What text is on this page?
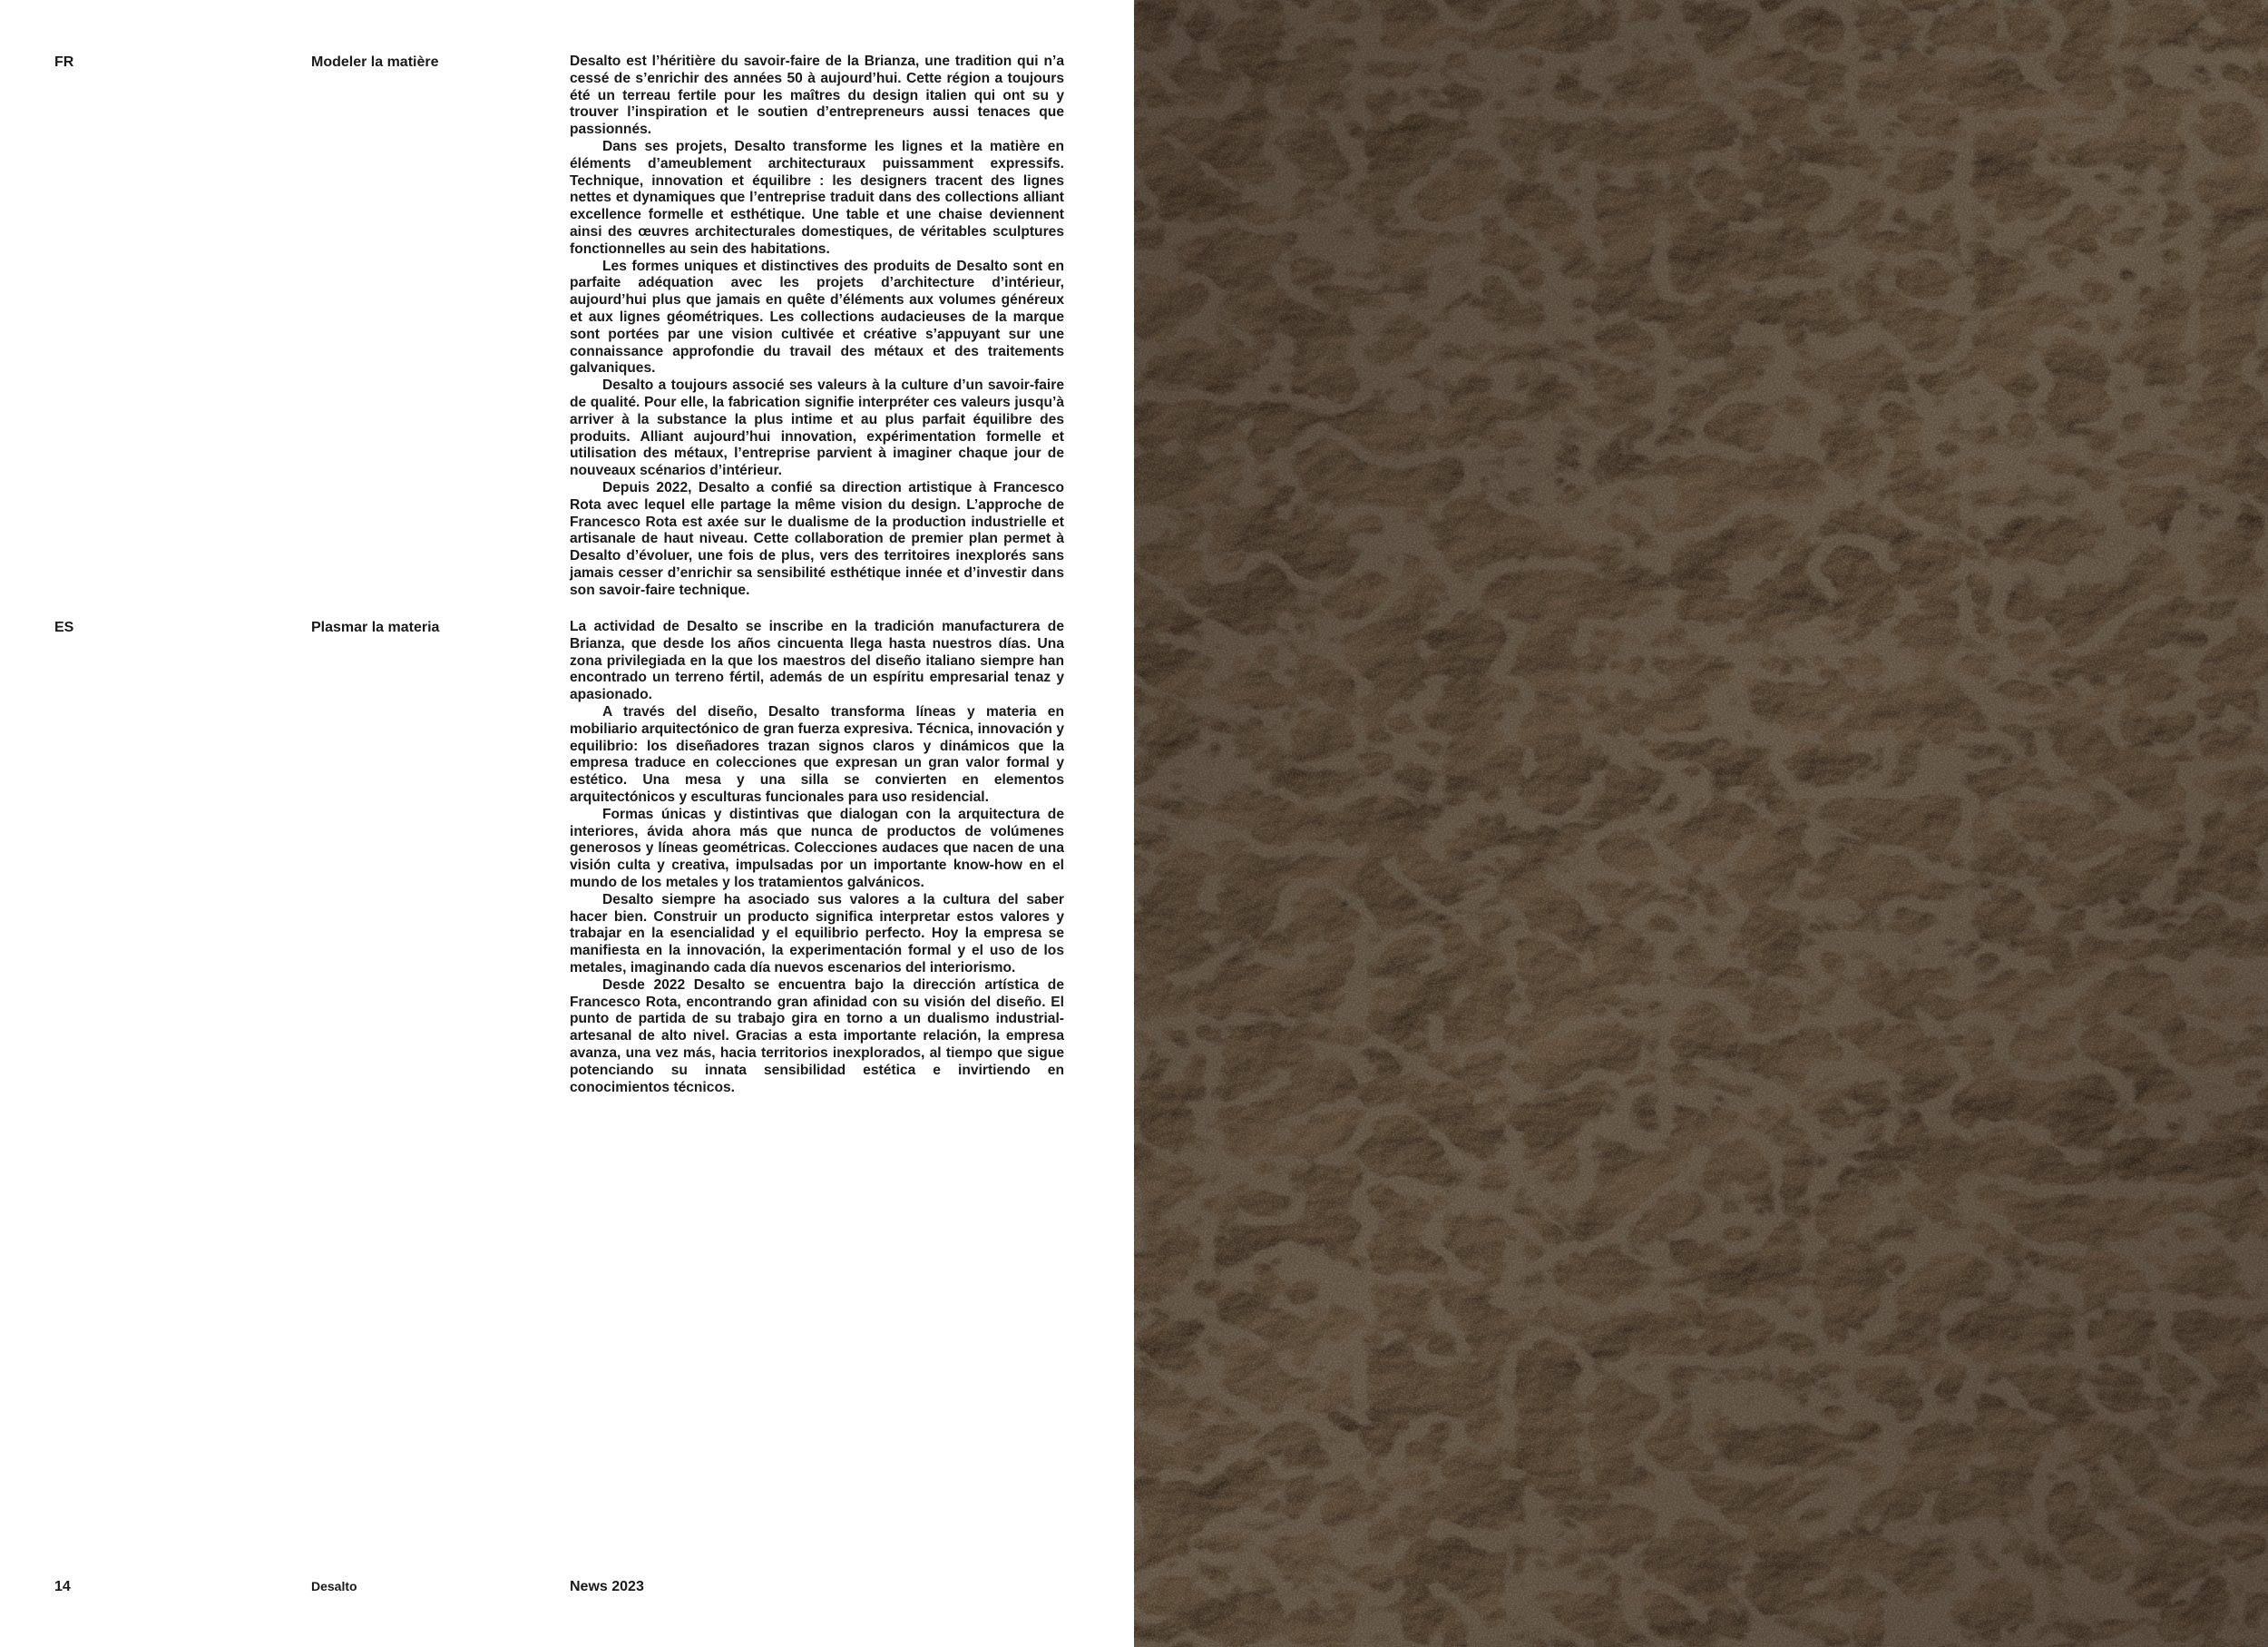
FR	Modeler la matière	Desalto est l’héritière du savoir-faire de la Brianza, une tradition qui n’a cessé de s’enrichir des années 50 à aujourd’hui. Cette région a toujours été un terreau fertile pour les maîtres du design italien qui ont su y trouver l’inspiration et le soutien d’entrepreneurs aussi tenaces que passionnés.

Dans ses projets, Desalto transforme les lignes et la matière en éléments d’ameublement architecturaux puissamment expressifs. Technique, innovation et équilibre : les designers tracent des lignes nettes et dynamiques que l’entreprise traduit dans des collections alliant excellence formelle et esthétique. Une table et une chaise deviennent ainsi des œuvres architecturales domestiques, de véritables sculptures fonctionnelles au sein des habitations.

Les formes uniques et distinctives des produits de Desalto sont en parfaite adéquation avec les projets d’architecture d’intérieur, aujourd’hui plus que jamais en quête d’éléments aux volumes généreux et aux lignes géométriques. Les collections audacieuses de la marque sont portées par une vision cultivée et créative s’appuyant sur une connaissance approfondie du travail des métaux et des traitements galvaniques.

Desalto a toujours associé ses valeurs à la culture d’un savoir-faire de qualité. Pour elle, la fabrication signifie interpréter ces valeurs jusqu’à arriver à la substance la plus intime et au plus parfait équilibre des produits. Alliant aujourd’hui innovation, expérimentation formelle et utilisation des métaux, l’entreprise parvient à imaginer chaque jour de nouveaux scénarios d’intérieur.

Depuis 2022, Desalto a confié sa direction artistique à Francesco Rota avec lequel elle partage la même vision du design. L’approche de Francesco Rota est axée sur le dualisme de la production industrielle et artisanale de haut niveau. Cette collaboration de premier plan permet à Desalto d’évoluer, une fois de plus, vers des territoires inexplorés sans jamais cesser d’enrichir sa sensibilité esthétique innée et d’investir dans son savoir-faire technique.

ES	Plasmar la materia	La actividad de Desalto se inscribe en la tradición manufacturera de Brianza, que desde los años cincuenta llega hasta nuestros días. Una zona privilegiada en la que los maestros del diseño italiano siempre han encontrado un terreno fértil, además de un espíritu empresarial tenaz y apasionado.

A través del diseño, Desalto transforma líneas y materia en mobiliario arquitectónico de gran fuerza expresiva. Técnica, innovación y equilibrio: los diseñadores trazan signos claros y dinámicos que la empresa traduce en colecciones que expresan un gran valor formal y estético. Una mesa y una silla se convierten en elementos arquitectónicos y esculturas funcionales para uso residencial.

Formas únicas y distintivas que dialogan con la arquitectura de interiores, ávida ahora más que nunca de productos de volúmenes generosos y líneas geométricas. Colecciones audaces que nacen de una visión culta y creativa, impulsadas por un importante know-how en el mundo de los metales y los tratamientos galvánicos.

Desalto siempre ha asociado sus valores a la cultura del saber hacer bien. Construir un producto significa interpretar estos valores y trabajar en la esencialidad y el equilibrio perfecto. Hoy la empresa se manifiesta en la innovación, la experimentación formal y el uso de los metales, imaginando cada día nuevos escenarios del interiorismo.

Desde 2022 Desalto se encuentra bajo la dirección artística de Francesco Rota, encontrando gran afinidad con su visión del diseño. El punto de partida de su trabajo gira en torno a un dualismo industrial-artesanal de alto nivel. Gracias a esta importante relación, la empresa avanza, una vez más, hacia territorios inexplorados, al tiempo que sigue potenciando su innata sensibilidad estética e invirtiendo en conocimientos técnicos.

14	Desalto	News 2023
